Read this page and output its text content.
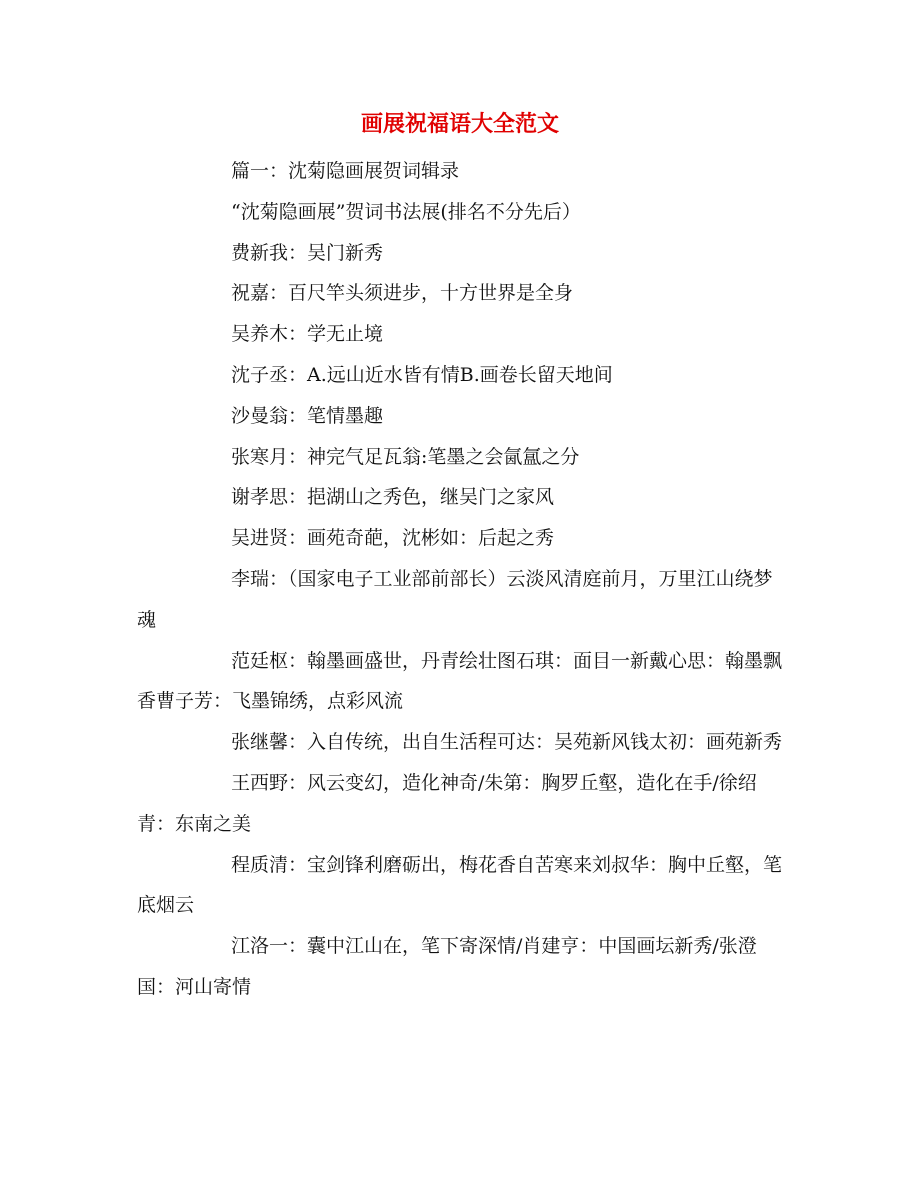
画展祝福语大全范文

篇一：沈菊隐画展贺词辑录

“沈菊隐画展”贺词书法展(排名不分先后）

费新我：吴门新秀

祝嘉：百尺竿头须进步，十方世界是全身

吴养木：学无止境

沈子丞：A.远山近水皆有情B.画卷长留天地间

沙曼翁：笔情墨趣

张寒月：神完气足瓦翁:笔墨之会氤氲之分

谢孝思：挹湖山之秀色，继吴门之家风

吴进贤：画苑奇葩，沈彬如：后起之秀

李瑞：（国家电子工业部前部长）云淡风清庭前月，万里江山绕梦魂

范廷枢：翰墨画盛世，丹青绘壮图石琪：面目一新戴心思：翰墨飘香曹子芳：飞墨锦绣，点彩风流

张继馨：入自传统，出自生活程可达：吴苑新风钱太初：画苑新秀

王西野：风云变幻，造化神奇/朱第：胸罗丘壑，造化在手/徐绍青：东南之美

程质清：宝剑锋利磨砺出，梅花香自苦寒来刘叔华：胸中丘壑，笔底烟云

江洛一：囊中江山在，笔下寄深情/肖建亨：中国画坛新秀/张澄国：河山寄情
